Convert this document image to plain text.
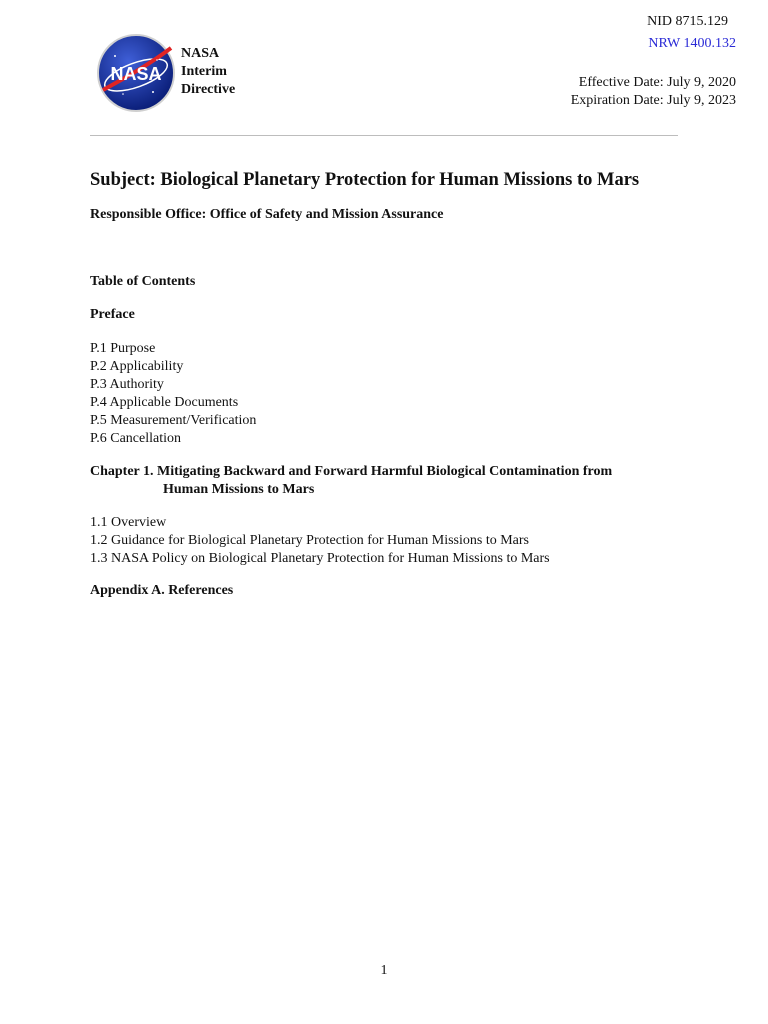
NASA
NASA
Interim
Directive
NID 8715.129
NRW 1400.132
Effective Date: July 9, 2020
Expiration Date: July 9, 2023
Subject: Biological Planetary Protection for Human Missions to Mars
Responsible Office: Office of Safety and Mission Assurance
Table of Contents
Preface
P.1 Purpose
P.2 Applicability
P.3 Authority
P.4 Applicable Documents
P.5 Measurement/Verification
P.6 Cancellation
Chapter 1. Mitigating Backward and Forward Harmful Biological Contamination from
Human Missions to Mars
1.1 Overview
1.2 Guidance for Biological Planetary Protection for Human Missions to Mars
1.3 NASA Policy on Biological Planetary Protection for Human Missions to Mars
Appendix A. References
1
